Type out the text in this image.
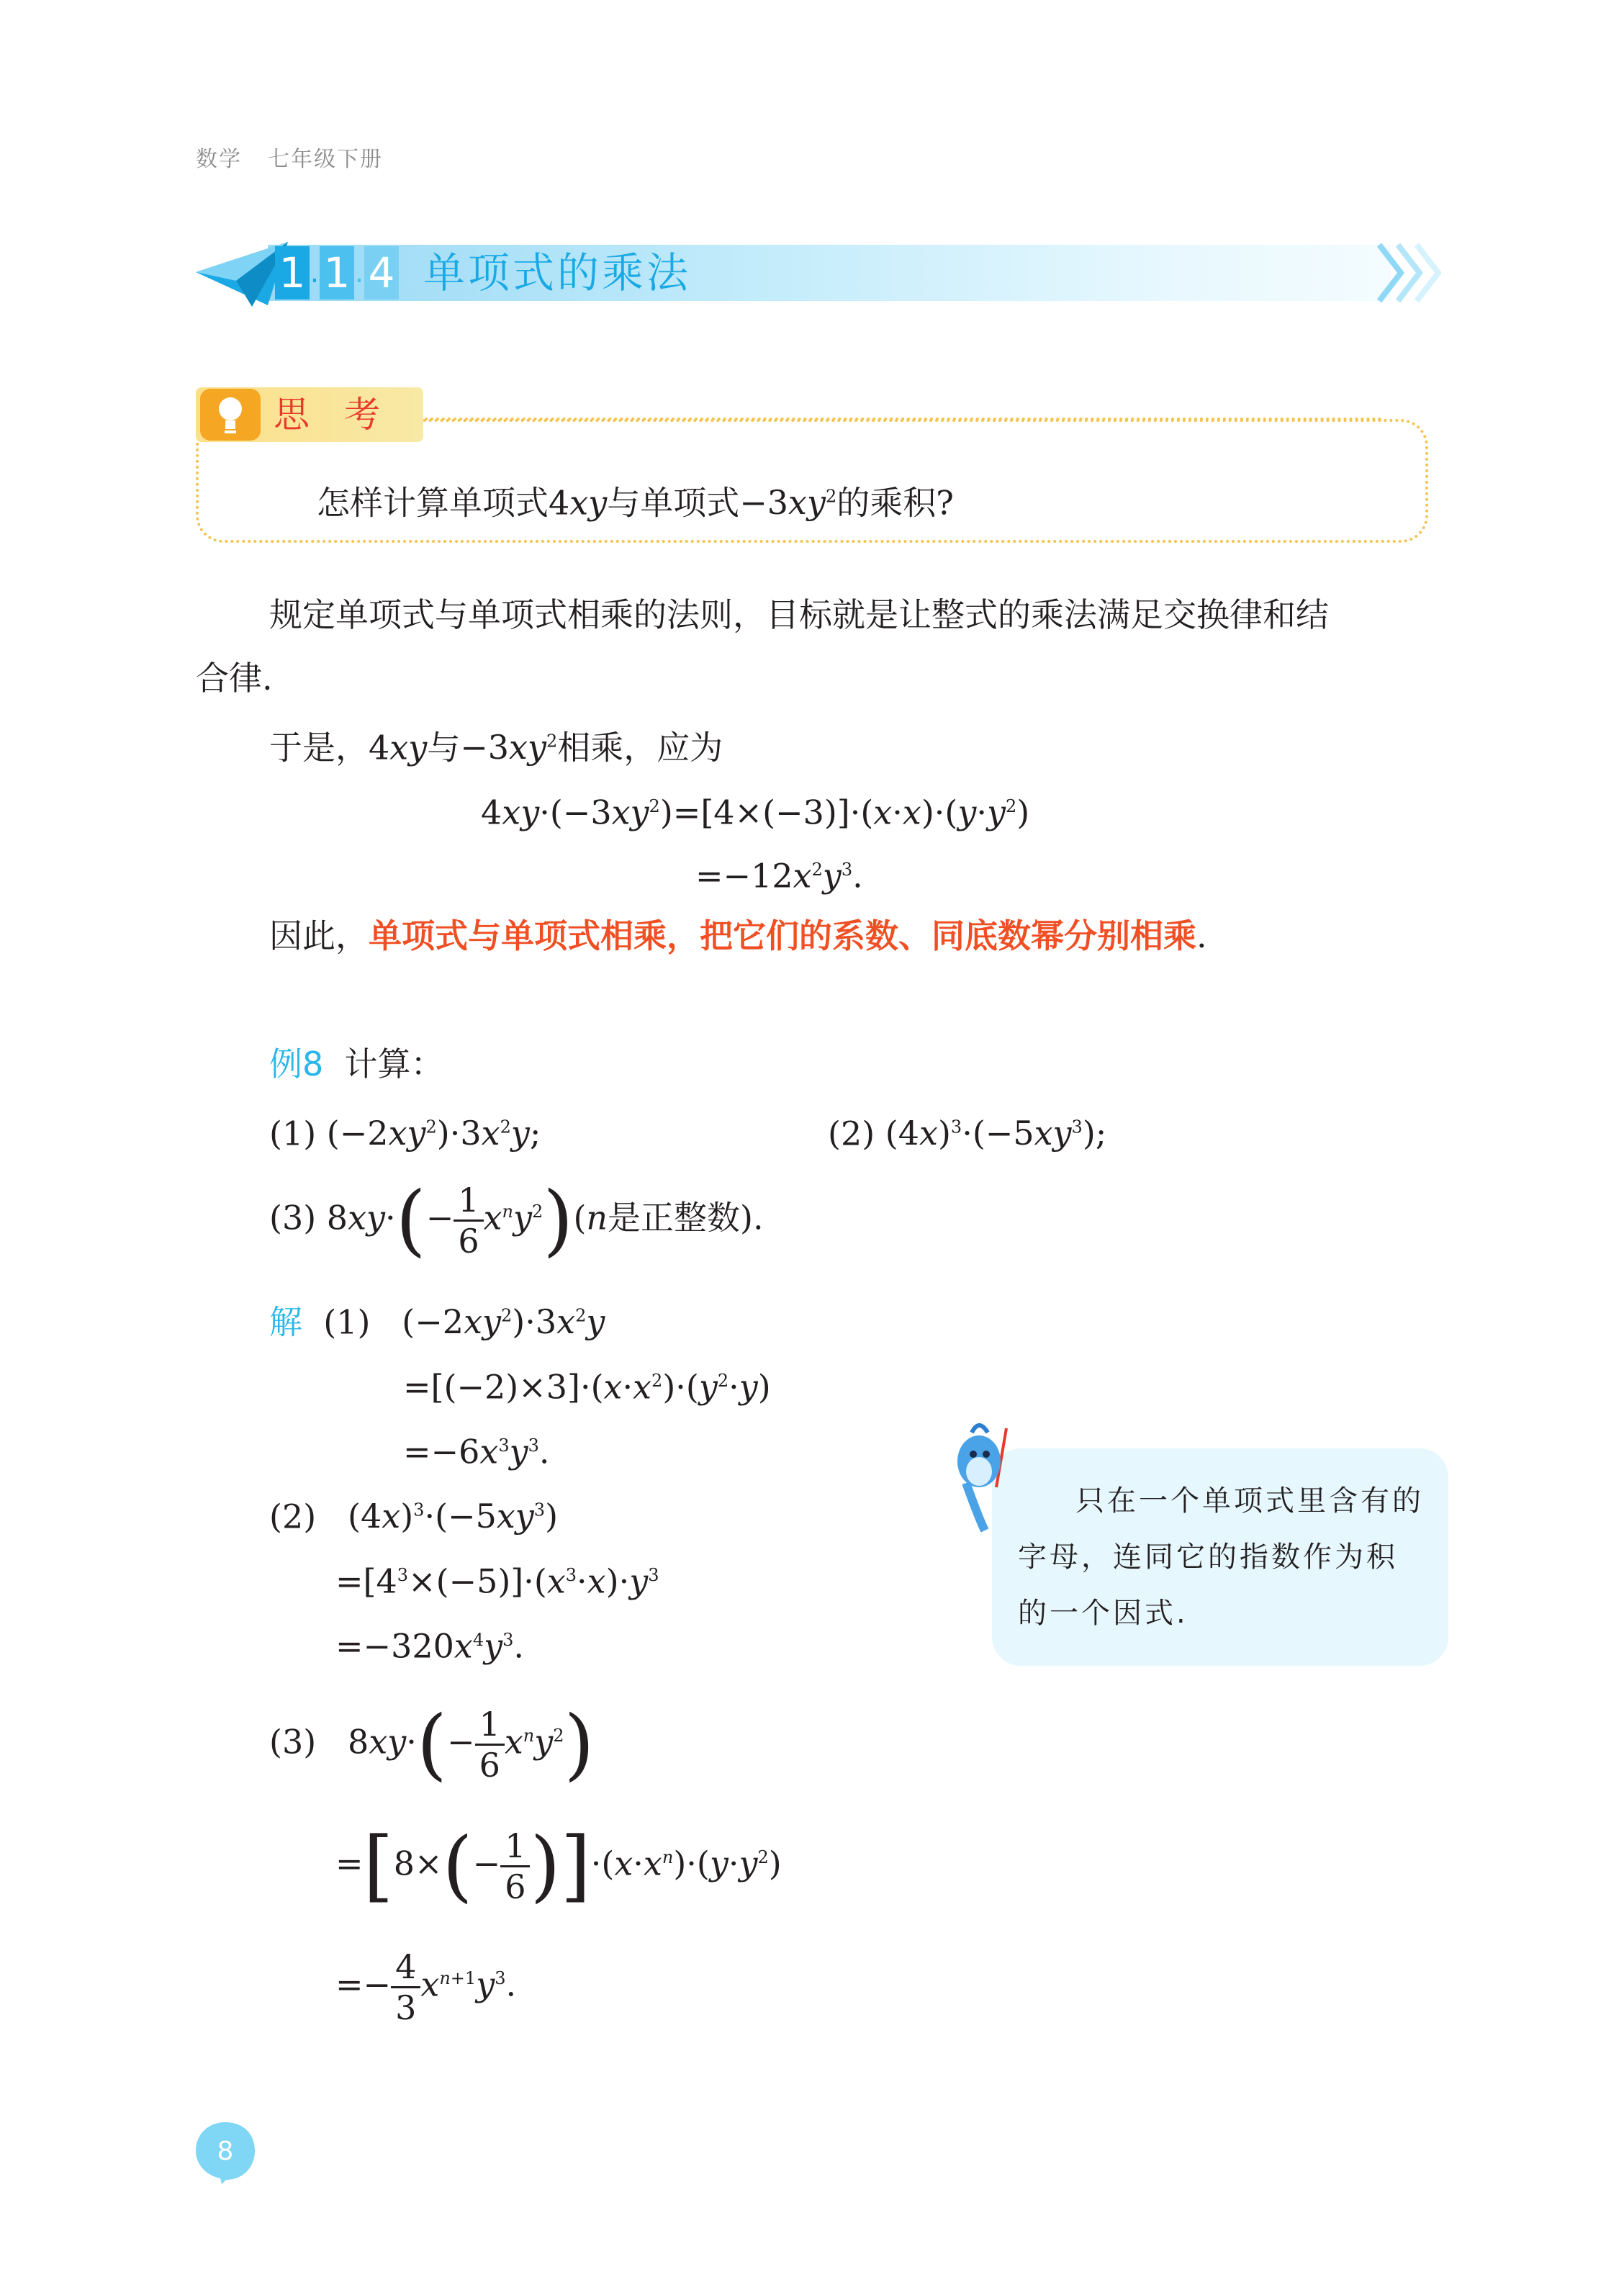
数学 七年级下册
1 . 1 . 4 单项式的乘法
思考
怎样计算单项式4xy与单项式$-3xy^2$的乘积?
规定单项式与单项式相乘的法则，目标就是让整式的乘法满足交换律和结
合律.
于是，4xy与$-3xy^2$相乘，应为
$4xy\cdot(-3xy^2)=[4\times(-3)]\cdot(x\cdot x)\cdot(y\cdot y^2)$
$=-12x^2y^3$.
因此，单项式与单项式相乘，把它们的系数、同底数幂分别相乘.
例8 计算：
(1) $(-2xy^2)\cdot 3x^2y$;	(2) $(4x)^3\cdot(-5xy^3)$;
(3) $8xy\cdot(- \frac{1}{6} x^ny^2)(n$是正整数).
解 (1) $(-2xy^2)\cdot 3x^2y$
$=[(-2)\times 3]\cdot(x\cdot x^2)\cdot(y^2\cdot y)$
$=-6x^3y^3$.
(2) $(4x)^3\cdot(-5xy^3)$
$=[4^3\times(-5)]\cdot(x^3\cdot x)\cdot y^3$
$=-320x^4y^3$.
(3)   $8xy\cdot(- \frac{1}{6} x^ny^2)$
$=[8\times(- \frac{1}{6} )]\cdot(x\cdot x^n)\cdot(y\cdot y^2)$
=− $\frac{4}{3} x^{n+1}y^3$.
只在一个单项式里含有的字母，连同它的指数作为积的一个因式.
8
